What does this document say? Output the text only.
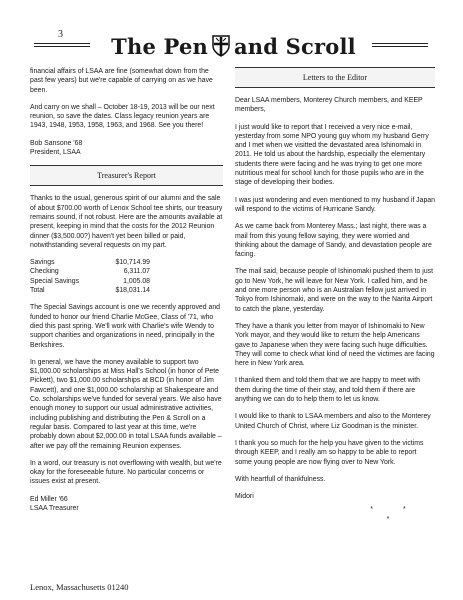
3 The Pen and Scroll

financial affairs of LSAA are fine (somewhat down from the past few years) but we're capable of carrying on as we have been.

And carry on we shall – October 18-19, 2013 will be our next reunion, so save the dates. Class legacy reunion years are 1943, 1948, 1953, 1958, 1963, and 1968. See you there!

Bob Sansone '68

President, LSAA

Treasurer's Report

Thanks to the usual, generous spirit of our alumni and the sale of about $700.00 worth of Lenox School tee shirts, our treasury remains sound, if not robust. Here are the amounts available at present, keeping in mind that the costs for the 2012 Reunion dinner ($3,500.00?) haven't yet been billed or paid, notwithstanding several requests on my part.

Savings	$10,714.99
Checking	6,311.07
Special Savings	1,005.08
Total	$18,031.14

The Special Savings account is one we recently approved and funded to honor our friend Charlie McGee, Class of '71, who died this past spring. We'll work with Charlie's wife Wendy to support charities and organizations in need, principally in the Berkshires.

In general, we have the money available to support two $1,000.00 scholarships at Miss Hall's School (in honor of Pete Pickett), two $1,000.00 scholarships at BCD (in honor of Jim Fawcett), and one $1,000.00 scholarship at Shakespeare and Co. scholarships we've funded for several years. We also have enough money to support our usual administrative activities, including publishing and distributing the Pen & Scroll on a regular basis. Compared to last year at this time, we're probably down about $2,000.00 in total LSAA funds available – after we pay off the remaining Reunion expenses.

In a word, our treasury is not overflowing with wealth, but we're okay for the foreseeable future. No particular concerns or issues exist at present.

Ed Miller '66

LSAA Treasurer

Letters to the Editor

Dear LSAA members, Monterey Church members, and KEEP members,

I just would like to report that I received a very nice e-mail, yesterday from some NPO young guy whom my husband Gerry and I met when we visitted the devastated area Ishinomaki in 2011. He told us about the hardship, especially the elementary students there were facing and he was trying to get one more nutritious meal for school lunch for those pupils who are in the stage of developing their bodies.

I was just wondering and even mentioned to my husband if Japan will respond to the victims of Hurricane Sandy.

As we came back from Monterey Mass.; last night, there was a mail from this young fellow saying, they were worried and thinking about the damage of Sandy, and devastation people are facing.

The mail said, because people of Ishinomaki pushed them to just go to New York, he will leave for New York. I called him, and he and one more person who is an Australian fellow just arrived in Tokyo from Ishinomaki, and were on the way to the Narita Airport to catch the plane, yesterday.

They have a thank you letter from mayor of Ishinomaki to New York mayor, and they would like to return the help Americans gave to Japanese when they were facing such huge difficulties. They will come to check what kind of need the victimes are facing here in New York area.

I thanked them and told them that we are happy to meet with them during the time of their stay, and told them if there are anything we can do to help them to let us know.

I would like to thank to LSAA members and also to the Monterey United Church of Christ, where Liz Goodman is the minister.

I thank you so much for the help you have given to the victims through KEEP, and I really am so happy to be able to report some young people are now flying over to New York.

With heartfull of thankfulness.

Midori

* * *
Lenox, Massachusetts 01240
